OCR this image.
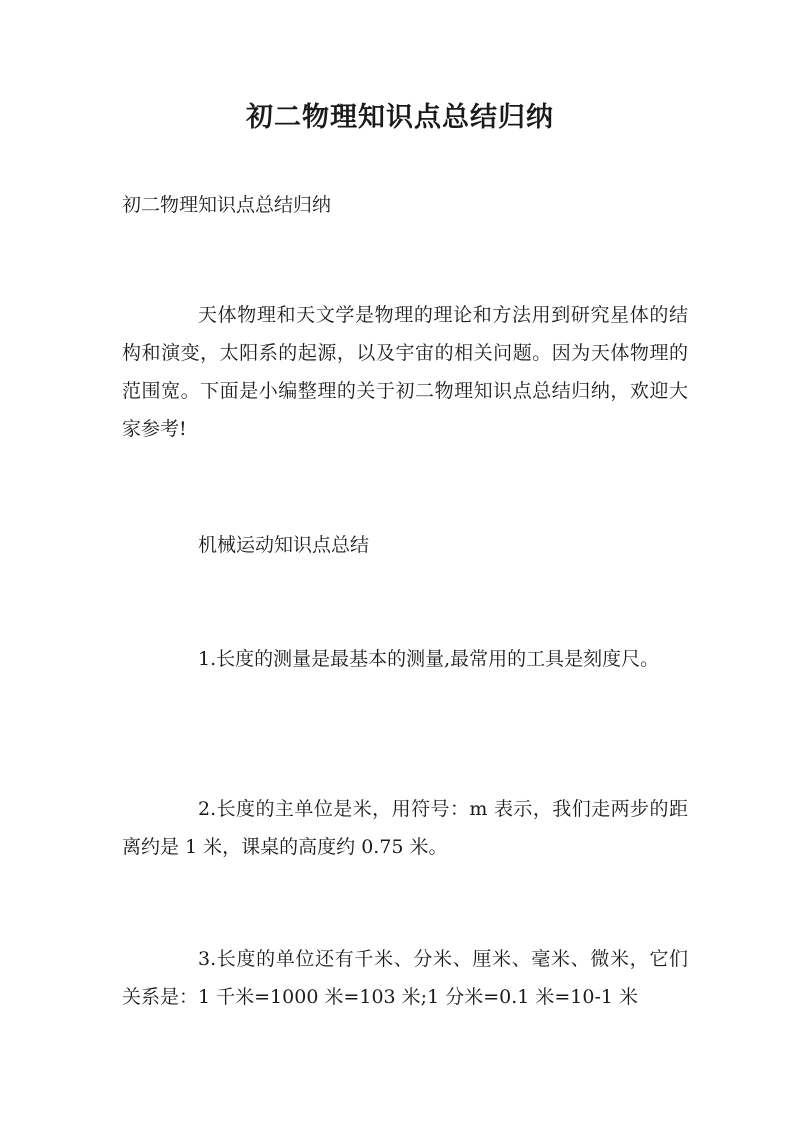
初二物理知识点总结归纳

初二物理知识点总结归纳

天体物理和天文学是物理的理论和方法用到研究星体的结构和演变，太阳系的起源，以及宇宙的相关问题。因为天体物理的范围宽。下面是小编整理的关于初二物理知识点总结归纳，欢迎大家参考!

机械运动知识点总结

1.长度的测量是最基本的测量,最常用的工具是刻度尺。

2.长度的主单位是米，用符号：m 表示，我们走两步的距离约是 1 米，课桌的高度约 0.75 米。

3.长度的单位还有千米、分米、厘米、毫米、微米，它们关系是：1 千米=1000 米=103 米;1 分米=0.1 米=10-1 米
